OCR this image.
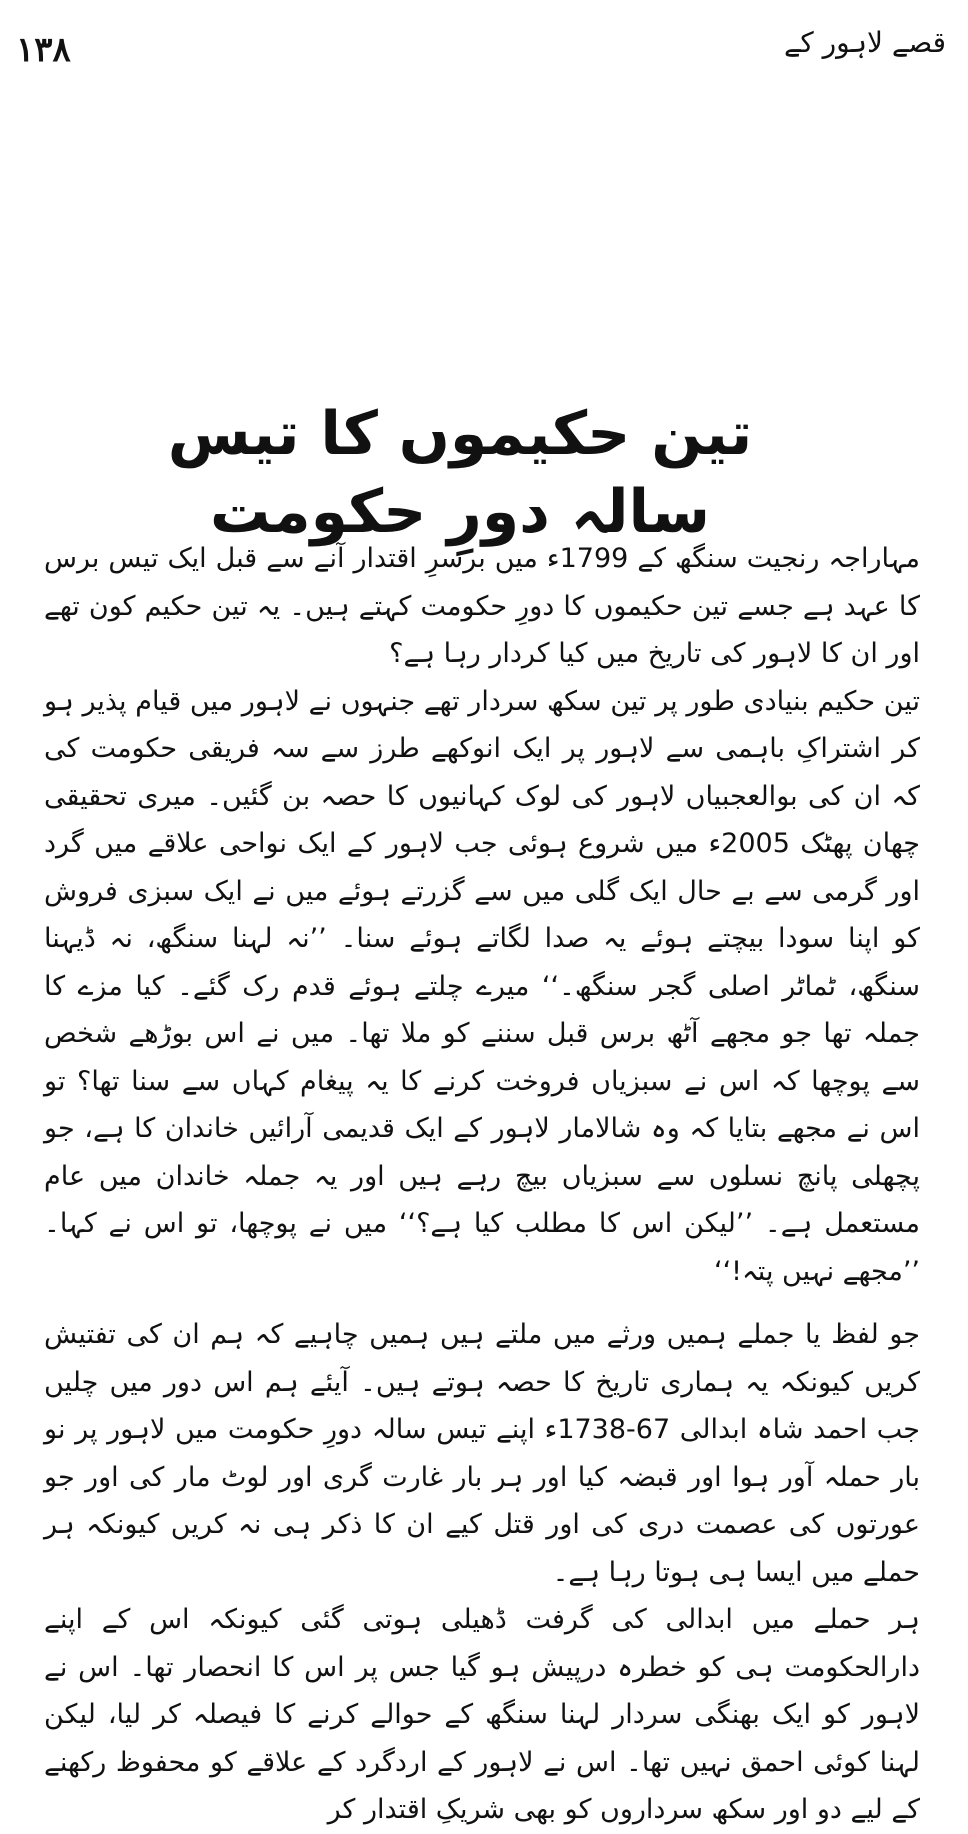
۱۳۸	قصے لاہور کے
تین حکیموں کا تیس سالہ دورِ حکومت

مہاراجہ رنجیت سنگھ کے 1799ء میں برسرِ اقتدار آنے سے قبل ایک تیس برس کا عہد ہے جسے تین حکیموں کا دورِ حکومت کہتے ہیں۔ یہ تین حکیم کون تھے اور ان کا لاہور کی تاریخ میں کیا کردار رہا ہے؟

تین حکیم بنیادی طور پر تین سکھ سردار تھے جنہوں نے لاہور میں قیام پذیر ہو کر اشتراکِ باہمی سے لاہور پر ایک انوکھے طرز سے سہ فریقی حکومت کی کہ ان کی بوالعجبیاں لاہور کی لوک کہانیوں کا حصہ بن گئیں۔ میری تحقیقی چھان پھٹک 2005ء میں شروع ہوئی جب لاہور کے ایک نواحی علاقے میں گرد اور گرمی سے بے حال ایک گلی میں سے گزرتے ہوئے میں نے ایک سبزی فروش کو اپنا سودا بیچتے ہوئے یہ صدا لگاتے ہوئے سنا۔ ’’نہ لہنا سنگھ، نہ ڈیہنا سنگھ، ٹماٹر اصلی گجر سنگھ۔‘‘ میرے چلتے ہوئے قدم رک گئے۔ کیا مزے کا جملہ تھا جو مجھے آٹھ برس قبل سننے کو ملا تھا۔ میں نے اس بوڑھے شخص سے پوچھا کہ اس نے سبزیاں فروخت کرنے کا یہ پیغام کہاں سے سنا تھا؟ تو اس نے مجھے بتایا کہ وہ شالامار لاہور کے ایک قدیمی آرائیں خاندان کا ہے، جو پچھلی پانچ نسلوں سے سبزیاں بیچ رہے ہیں اور یہ جملہ خاندان میں عام مستعمل ہے۔ ’’لیکن اس کا مطلب کیا ہے؟‘‘ میں نے پوچھا، تو اس نے کہا۔ ’’مجھے نہیں پتہ!‘‘

جو لفظ یا جملے ہمیں ورثے میں ملتے ہیں ہمیں چاہیے کہ ہم ان کی تفتیش کریں کیونکہ یہ ہماری تاریخ کا حصہ ہوتے ہیں۔ آیئے ہم اس دور میں چلیں جب احمد شاہ ابدالی 67-1738ء اپنے تیس سالہ دورِ حکومت میں لاہور پر نو بار حملہ آور ہوا اور قبضہ کیا اور ہر بار غارت گری اور لوٹ مار کی اور جو عورتوں کی عصمت دری کی اور قتل کیے ان کا ذکر ہی نہ کریں کیونکہ ہر حملے میں ایسا ہی ہوتا رہا ہے۔

ہر حملے میں ابدالی کی گرفت ڈھیلی ہوتی گئی کیونکہ اس کے اپنے دارالحکومت ہی کو خطرہ درپیش ہو گیا جس پر اس کا انحصار تھا۔ اس نے لاہور کو ایک بھنگی سردار لہنا سنگھ کے حوالے کرنے کا فیصلہ کر لیا، لیکن لہنا کوئی احمق نہیں تھا۔ اس نے لاہور کے اردگرد کے علاقے کو محفوظ رکھنے کے لیے دو اور سکھ سرداروں کو بھی شریکِ اقتدار کر
